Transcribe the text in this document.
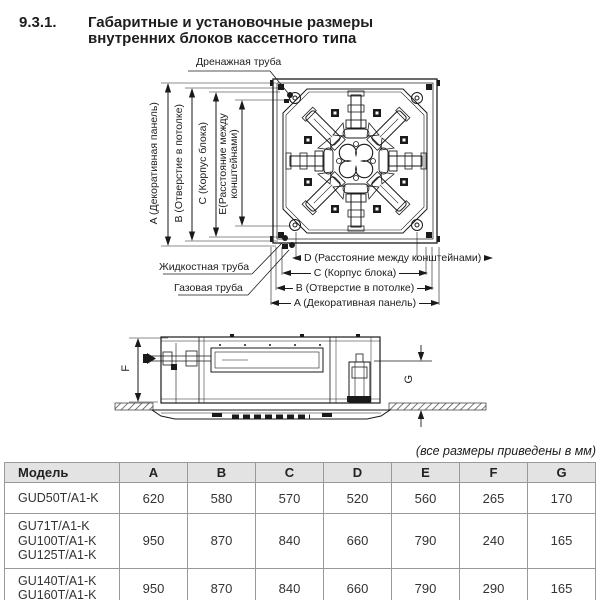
9.3.1.	Габаритные и установочные размеры
внутренних блоков кассетного типа
Дренажная труба
Жидкостная труба
Газовая труба
A (Декоративная панель) B (Отверстие в потолке) C (Корпус блока) E(Расстояние между конштейнами)
D (Расстояние между конштейнами)
C (Корпус блока)
B (Отверстие в потолке)
A (Декоративная панель)
F
G
(все размеры приведены в мм)
Модель	A	B	C	D	E	F	G

GUD50T/A1-K	620	580	570	520	560	265	170

GU71T/A1-K
GU100T/A1-K
GU125T/A1-K	950	870	840	660	790	240	165

GU140T/A1-K
GU160T/A1-K	950	870	840	660	790	290	165
